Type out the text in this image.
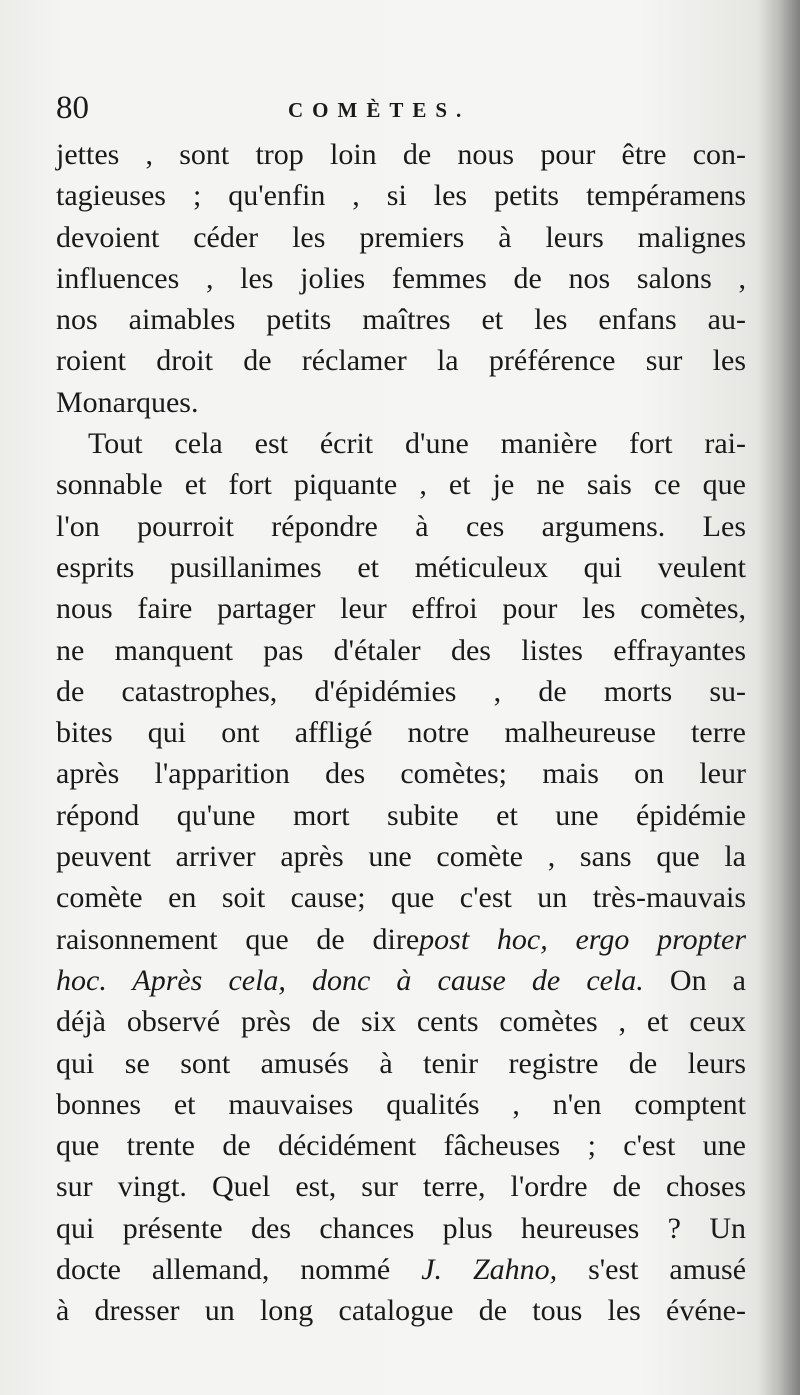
80	COMÈTES.
jettes , sont trop loin de nous pour être con-
tagieuses ; qu'enfin , si les petits tempéramens
devoient céder les premiers à leurs malignes
influences , les jolies femmes de nos salons ,
nos aimables petits maîtres et les enfans au-
roient droit de réclamer la préférence sur les
Monarques.
Tout cela est écrit d'une manière fort rai-
sonnable et fort piquante , et je ne sais ce que
l'on pourroit répondre à ces argumens. Les
esprits pusillanimes et méticuleux qui veulent
nous faire partager leur effroi pour les comètes,
ne manquent pas d'étaler des listes effrayantes
de catastrophes, d'épidémies , de morts su-
bites qui ont affligé notre malheureuse terre
après l'apparition des comètes; mais on leur
répond qu'une mort subite et une épidémie
peuvent arriver après une comète , sans que la
comète en soit cause; que c'est un très-mauvais
raisonnement que de direpost hoc, ergo propter
hoc. Après cela, donc à cause de cela. On a
déjà observé près de six cents comètes , et ceux
qui se sont amusés à tenir registre de leurs
bonnes et mauvaises qualités , n'en comptent
que trente de décidément fâcheuses ; c'est une
sur vingt. Quel est, sur terre, l'ordre de choses
qui présente des chances plus heureuses ? Un
docte allemand, nommé J. Zahno, s'est amusé
à dresser un long catalogue de tous les événe-
